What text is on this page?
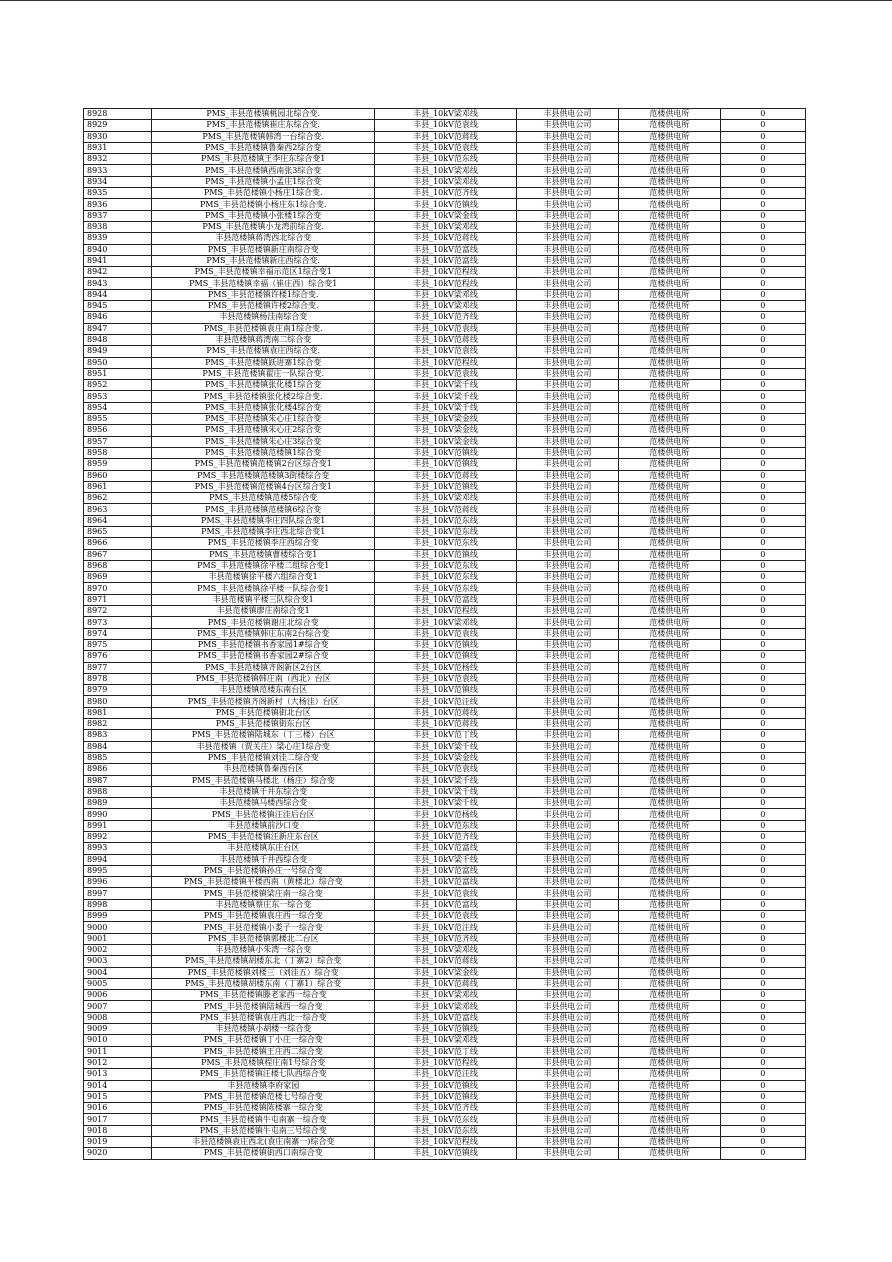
8928	PMS_丰县范楼镇桃园北综合变.	丰县_10kV梁邓线	丰县供电公司	范楼供电所	0
8929	PMS_丰县范楼镇崔庄东综合变.	丰县_10kV范袁线	丰县供电公司	范楼供电所	0
8930	PMS_丰县范楼镇韩湾一台综合变.	丰县_10kV范蒋线	丰县供电公司	范楼供电所	0
8931	PMS_丰县范楼镇鲁秦西2综合变	丰县_10kV范袁线	丰县供电公司	范楼供电所	0
8932	PMS_丰县范楼镇王李庄东综合变1	丰县_10kV范东线	丰县供电公司	范楼供电所	0
8933	PMS_丰县范楼镇西南张3综合变	丰县_10kV梁邓线	丰县供电公司	范楼供电所	0
8934	PMS_丰县范楼镇小孟庄1综合变	丰县_10kV梁邓线	丰县供电公司	范楼供电所	0
8935	PMS_丰县范楼镇小杨庄1综合变.	丰县_10kV范齐线	丰县供电公司	范楼供电所	0
8936	PMS_丰县范楼镇小杨庄东1综合变.	丰县_10kV范镇线	丰县供电公司	范楼供电所	0
8937	PMS_丰县范楼镇小张楼1综合变	丰县_10kV梁金线	丰县供电公司	范楼供电所	0
8938	PMS_丰县范楼镇小龙湾前综合变.	丰县_10kV梁邓线	丰县供电公司	范楼供电所	0
8939	丰县范楼镇蒋湾西北综合变	丰县_10kV范蒋线	丰县供电公司	范楼供电所	0
8940	PMS_丰县范楼镇新庄南综合变	丰县_10kV范富线	丰县供电公司	范楼供电所	0
8941	PMS_丰县范楼镇新庄西综合变.	丰县_10kV范富线	丰县供电公司	范楼供电所	0
8942	PMS_丰县范楼镇幸福示范区1综合变1	丰县_10kV范程线	丰县供电公司	范楼供电所	0
8943	PMS_丰县范楼镇幸福（崔庄西）综合变1	丰县_10kV范程线	丰县供电公司	范楼供电所	0
8944	PMS_丰县范楼镇许楼1综合变.	丰县_10kV梁邓线	丰县供电公司	范楼供电所	0
8945	PMS_丰县范楼镇许楼2综合变.	丰县_10kV梁邓线	丰县供电公司	范楼供电所	0
8946	丰县范楼镇杨洼南综合变	丰县_10kV范齐线	丰县供电公司	范楼供电所	0
8947	PMS_丰县范楼镇袁庄南1综合变.	丰县_10kV范袁线	丰县供电公司	范楼供电所	0
8948	丰县范楼镇蒋湾南二综合变	丰县_10kV范蒋线	丰县供电公司	范楼供电所	0
8949	PMS_丰县范楼镇袁庄西综合变.	丰县_10kV范袁线	丰县供电公司	范楼供电所	0
8950	PMS_丰县范楼镇跃进寨1综合变	丰县_10kV范程线	丰县供电公司	范楼供电所	0
8951	PMS_丰县范楼镇翟庄一队综合变.	丰县_10kV范袁线	丰县供电公司	范楼供电所	0
8952	PMS_丰县范楼镇张化楼1综合变	丰县_10kV梁千线	丰县供电公司	范楼供电所	0
8953	PMS_丰县范楼镇张化楼2综合变.	丰县_10kV梁千线	丰县供电公司	范楼供电所	0
8954	PMS_丰县范楼镇张化楼4综合变	丰县_10kV梁千线	丰县供电公司	范楼供电所	0
8955	PMS_丰县范楼镇朱心庄1综合变	丰县_10kV梁金线	丰县供电公司	范楼供电所	0
8956	PMS_丰县范楼镇朱心庄2综合变	丰县_10kV梁金线	丰县供电公司	范楼供电所	0
8957	PMS_丰县范楼镇朱心庄3综合变	丰县_10kV梁金线	丰县供电公司	范楼供电所	0
8958	PMS_丰县范楼镇范楼镇1综合变	丰县_10kV范镇线	丰县供电公司	范楼供电所	0
8959	PMS_丰县范楼镇范楼镇2台区综合变1	丰县_10kV范镇线	丰县供电公司	范楼供电所	0
8960	PMS_丰县范楼镇范楼镇3街楼综合变	丰县_10kV范蒋线	丰县供电公司	范楼供电所	0
8961	PMS_丰县范楼镇范楼镇4台区综合变1	丰县_10kV范镇线	丰县供电公司	范楼供电所	0
8962	PMS_丰县范楼镇范楼5综合变	丰县_10kV梁邓线	丰县供电公司	范楼供电所	0
8963	PMS_丰县范楼镇范楼镇6综合变	丰县_10kV范蒋线	丰县供电公司	范楼供电所	0
8964	PMS_丰县范楼镇李庄四队综合变1	丰县_10kV范东线	丰县供电公司	范楼供电所	0
8965	PMS_丰县范楼镇李庄西北综合变1	丰县_10kV范东线	丰县供电公司	范楼供电所	0
8966	PMS_丰县范楼镇李庄西综合变	丰县_10kV范东线	丰县供电公司	范楼供电所	0
8967	PMS_丰县范楼镇曹楼综合变1	丰县_10kV范镇线	丰县供电公司	范楼供电所	0
8968	PMS_丰县范楼镇徐平楼二组综合变1	丰县_10kV范东线	丰县供电公司	范楼供电所	0
8969	丰县范楼镇徐平楼六组综合变1	丰县_10kV范东线	丰县供电公司	范楼供电所	0
8970	PMS_丰县范楼镇徐平楼一队综合变1	丰县_10kV范东线	丰县供电公司	范楼供电所	0
8971	丰县范楼镇平楼三队综合变1	丰县_10kV范富线	丰县供电公司	范楼供电所	0
8972	丰县范楼镇廖庄南综合变1	丰县_10kV范程线	丰县供电公司	范楼供电所	0
8973	PMS_丰县范楼镇谢庄北综合变	丰县_10kV梁邓线	丰县供电公司	范楼供电所	0
8974	PMS_丰县范楼镇韩庄东南2台综合变	丰县_10kV范袁线	丰县供电公司	范楼供电所	0
8975	PMS_丰县范楼镇书香家园1#综合变	丰县_10kV范镇线	丰县供电公司	范楼供电所	0
8976	PMS_丰县范楼镇书香家园2#综合变	丰县_10kV范镇线	丰县供电公司	范楼供电所	0
8977	PMS_丰县范楼镇齐阁新区2台区	丰县_10kV范杨线	丰县供电公司	范楼供电所	0
8978	PMS_丰县范楼镇韩庄南（西北）台区	丰县_10kV范袁线	丰县供电公司	范楼供电所	0
8979	丰县范楼镇范楼东南台区	丰县_10kV范镇线	丰县供电公司	范楼供电所	0
8980	PMS_丰县范楼镇齐阁新村（大杨洼）台区	丰县_10kV范汪线	丰县供电公司	范楼供电所	0
8981	PMS_丰县范楼镇街北台区	丰县_10kV范蒋线	丰县供电公司	范楼供电所	0
8982	PMS_丰县范楼镇街东台区	丰县_10kV范蒋线	丰县供电公司	范楼供电所	0
8983	PMS_丰县范楼镇陆城东（丁三楼）台区	丰县_10kV范丁线	丰县供电公司	范楼供电所	0
8984	丰县范楼镇（贾关庄）梁心庄1综合变	丰县_10kV梁千线	丰县供电公司	范楼供电所	0
8985	PMS_丰县范楼镇刘洼二综合变	丰县_10kV梁金线	丰县供电公司	范楼供电所	0
8986	丰县范楼镇鲁秦西台区	丰县_10kV范袁线	丰县供电公司	范楼供电所	0
8987	PMS_丰县范楼镇马楼北（杨庄）综合变	丰县_10kV梁千线	丰县供电公司	范楼供电所	0
8988	丰县范楼镇千井东综合变	丰县_10kV梁千线	丰县供电公司	范楼供电所	0
8989	丰县范楼镇马楼西综合变	丰县_10kV梁千线	丰县供电公司	范楼供电所	0
8990	PMS_丰县范楼镇汪洼后台区	丰县_10kV范杨线	丰县供电公司	范楼供电所	0
8991	丰县范楼镇前沙口变	丰县_10kV范东线	丰县供电公司	范楼供电所	0
8992	PMS_丰县范楼镇汪新庄东台区	丰县_10kV范齐线	丰县供电公司	范楼供电所	0
8993	丰县范楼镇东庄台区	丰县_10kV范富线	丰县供电公司	范楼供电所	0
8994	丰县范楼镇千井西综合变	丰县_10kV梁千线	丰县供电公司	范楼供电所	0
8995	PMS_丰县范楼镇孙庄一号综合变	丰县_10kV范富线	丰县供电公司	范楼供电所	0
8996	PMS_丰县范楼镇平楼西南（黄楼北）综合变	丰县_10kV范富线	丰县供电公司	范楼供电所	0
8997	PMS_丰县范楼镇梁庄南一综合变	丰县_10kV范袁线	丰县供电公司	范楼供电所	0
8998	丰县范楼镇蔡庄东一综合变	丰县_10kV范富线	丰县供电公司	范楼供电所	0
8999	PMS_丰县范楼镇袁庄西一综合变	丰县_10kV范袁线	丰县供电公司	范楼供电所	0
9000	PMS_丰县范楼镇小娄子一综合变	丰县_10kV范汪线	丰县供电公司	范楼供电所	0
9001	PMS_丰县范楼镇郭楼北二台区	丰县_10kV范齐线	丰县供电公司	范楼供电所	0
9002	丰县范楼镇小朱湾一综合变	丰县_10kV梁邓线	丰县供电公司	范楼供电所	0
9003	PMS_丰县范楼镇胡楼东北（丁寨2）综合变	丰县_10kV范蒋线	丰县供电公司	范楼供电所	0
9004	PMS_丰县范楼镇刘楼三（刘洼五）综合变	丰县_10kV梁金线	丰县供电公司	范楼供电所	0
9005	PMS_丰县范楼镇胡楼东南（丁寨1）综合变	丰县_10kV范蒋线	丰县供电公司	范楼供电所	0
9006	PMS_丰县范楼镇滕老家西一综合变	丰县_10kV梁邓线	丰县供电公司	范楼供电所	0
9007	PMS_丰县范楼镇陆城西一综合变	丰县_10kV梁邓线	丰县供电公司	范楼供电所	0
9008	PMS_丰县范楼镇袁庄西北一综合变	丰县_10kV范富线	丰县供电公司	范楼供电所	0
9009	丰县范楼镇小胡楼一综合变	丰县_10kV范镇线	丰县供电公司	范楼供电所	0
9010	PMS_丰县范楼镇丁小庄一综合变	丰县_10kV梁邓线	丰县供电公司	范楼供电所	0
9011	PMS_丰县范楼镇王庄西二综合变	丰县_10kV范丁线	丰县供电公司	范楼供电所	0
9012	PMS_丰县范楼镇程庄南1号综合变	丰县_10kV范程线	丰县供电公司	范楼供电所	0
9013	PMS_丰县范楼镇汪楼七队西综合变	丰县_10kV范汪线	丰县供电公司	范楼供电所	0
9014	丰县范楼镇李府家园	丰县_10kV范镇线	丰县供电公司	范楼供电所	0
9015	PMS_丰县范楼镇范楼七号综合变	丰县_10kV范镇线	丰县供电公司	范楼供电所	0
9016	PMS_丰县范楼镇陈楼寨一综合变	丰县_10kV范齐线	丰县供电公司	范楼供电所	0
9017	PMS_丰县范楼镇牛屯南寨一综合变	丰县_10kV范东线	丰县供电公司	范楼供电所	0
9018	PMS_丰县范楼镇牛屯南三号综合变	丰县_10kV范东线	丰县供电公司	范楼供电所	0
9019	丰县范楼镇袁庄西北(袁庄南寨一)综合变	丰县_10kV范程线	丰县供电公司	范楼供电所	0
9020	PMS_丰县范楼镇街西口南综合变	丰县_10kV范镇线	丰县供电公司	范楼供电所	0
